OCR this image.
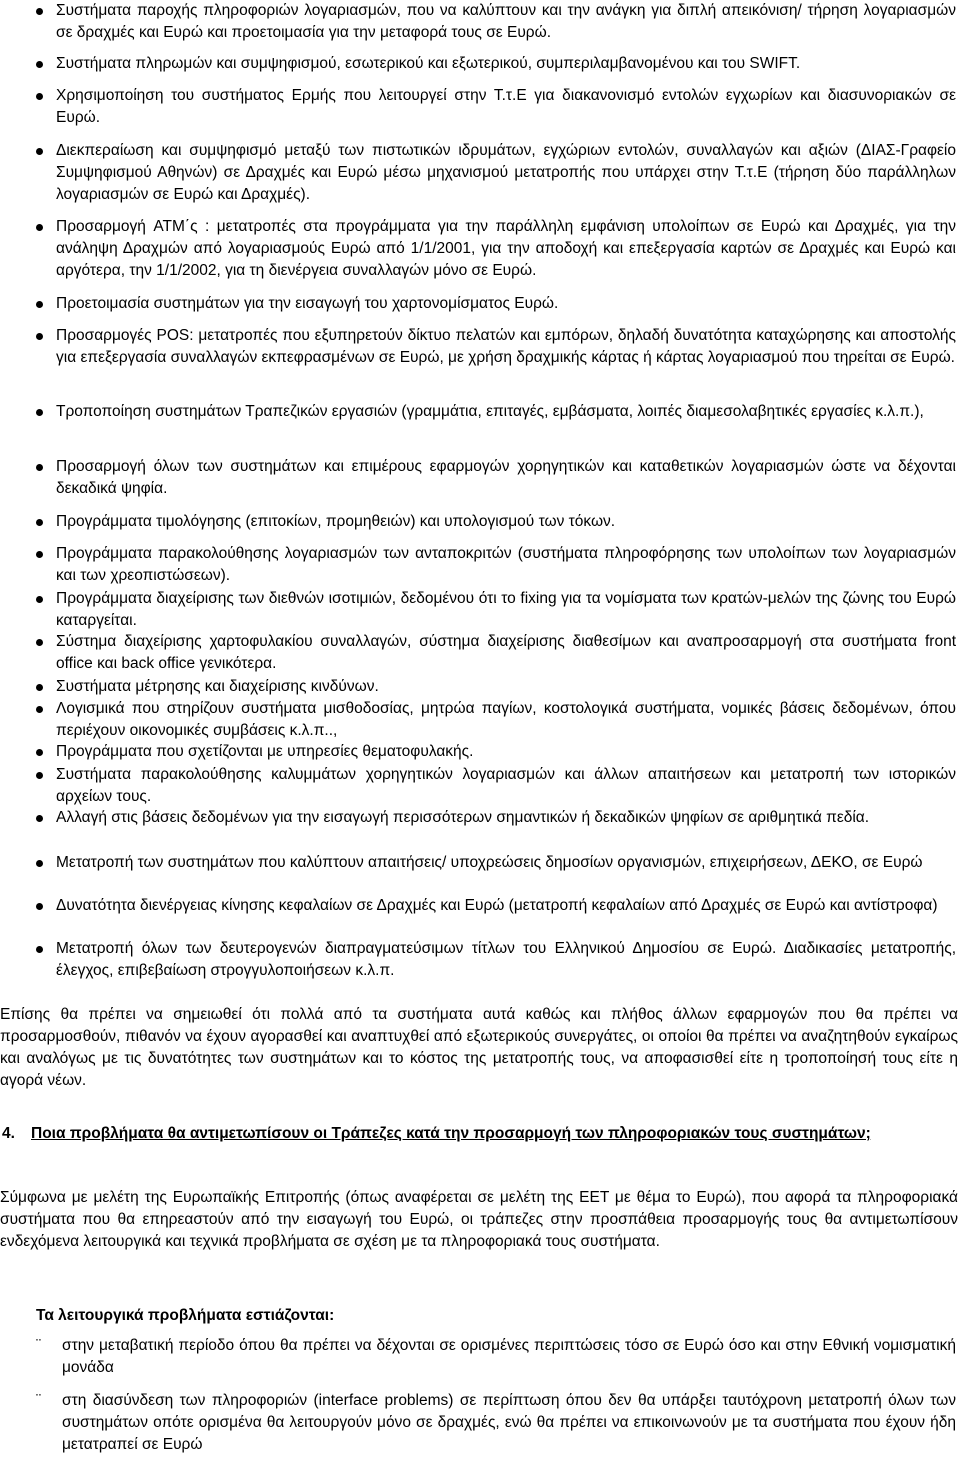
Συστήματα παροχής πληροφοριών λογαριασμών, που να καλύπτουν και την ανάγκη για διπλή απεικόνιση/ τήρηση λογαριασμών σε δραχμές και Ευρώ και προετοιμασία για την μεταφορά τους σε Ευρώ.
Συστήματα πληρωμών και συμψηφισμού, εσωτερικού και εξωτερικού, συμπεριλαμβανομένου και του SWIFT.
Χρησιμοποίηση του συστήματος Ερμής που λειτουργεί στην Τ.τ.Ε για διακανονισμό εντολών εγχωρίων και διασυνοριακών σε Ευρώ.
Διεκπεραίωση και συμψηφισμό μεταξύ των πιστωτικών ιδρυμάτων, εγχώριων εντολών, συναλλαγών και αξιών (ΔΙΑΣ-Γραφείο Συμψηφισμού Αθηνών) σε Δραχμές και Ευρώ μέσω μηχανισμού μετατροπής που υπάρχει στην Τ.τ.Ε (τήρηση δύο παράλληλων λογαριασμών σε Ευρώ και Δραχμές).
Προσαρμογή ATM΄ς : μετατροπές στα προγράμματα για την παράλληλη εμφάνιση υπολοίπων σε Ευρώ και Δραχμές, για την ανάληψη Δραχμών από λογαριασμούς Ευρώ από 1/1/2001, για την αποδοχή και επεξεργασία καρτών σε Δραχμές και Ευρώ και αργότερα, την 1/1/2002, για τη διενέργεια συναλλαγών μόνο σε Ευρώ.
Προετοιμασία συστημάτων για την εισαγωγή του χαρτονομίσματος Ευρώ.
Προσαρμογές POS: μετατροπές που εξυπηρετούν δίκτυο πελατών και εμπόρων, δηλαδή δυνατότητα καταχώρησης και αποστολής για επεξεργασία συναλλαγών εκπεφρασμένων σε Ευρώ, με χρήση δραχμικής κάρτας ή κάρτας λογαριασμού που τηρείται σε Ευρώ.
Τροποποίηση συστημάτων Τραπεζικών εργασιών (γραμμάτια, επιταγές, εμβάσματα, λοιπές διαμεσολαβητικές εργασίες κ.λ.π.),
Προσαρμογή όλων των συστημάτων και επιμέρους εφαρμογών χορηγητικών και καταθετικών λογαριασμών ώστε να δέχονται δεκαδικά ψηφία.
Προγράμματα τιμολόγησης (επιτοκίων, προμηθειών) και υπολογισμού των τόκων.
Προγράμματα παρακολούθησης λογαριασμών των ανταποκριτών (συστήματα πληροφόρησης των υπολοίπων των λογαριασμών και των χρεοπιστώσεων).
Προγράμματα διαχείρισης των διεθνών ισοτιμιών, δεδομένου ότι το fixing για τα νομίσματα των κρατών-μελών της ζώνης του Ευρώ καταργείται.
Σύστημα διαχείρισης χαρτοφυλακίου συναλλαγών, σύστημα διαχείρισης διαθεσίμων και αναπροσαρμογή στα συστήματα front office και back office γενικότερα.
Συστήματα μέτρησης και διαχείρισης κινδύνων.
Λογισμικά που στηρίζουν συστήματα μισθοδοσίας, μητρώα παγίων, κοστολογικά συστήματα, νομικές βάσεις δεδομένων, όπου περιέχουν οικονομικές συμβάσεις κ.λ.π..,
Προγράμματα που σχετίζονται με υπηρεσίες θεματοφυλακής.
Συστήματα παρακολούθησης καλυμμάτων χορηγητικών λογαριασμών και άλλων απαιτήσεων και μετατροπή των ιστορικών αρχείων τους.
Αλλαγή στις βάσεις δεδομένων για την εισαγωγή περισσότερων σημαντικών ή δεκαδικών ψηφίων σε αριθμητικά πεδία.
Μετατροπή των συστημάτων που καλύπτουν απαιτήσεις/ υποχρεώσεις δημοσίων οργανισμών, επιχειρήσεων, ΔΕΚΟ, σε Ευρώ
Δυνατότητα διενέργειας κίνησης κεφαλαίων σε Δραχμές και Ευρώ (μετατροπή κεφαλαίων από Δραχμές σε Ευρώ και αντίστροφα)
Μετατροπή όλων των δευτερογενών διαπραγματεύσιμων τίτλων του Ελληνικού Δημοσίου σε Ευρώ. Διαδικασίες μετατροπής, έλεγχος, επιβεβαίωση στρογγυλοποιήσεων κ.λ.π.

Επίσης θα πρέπει να σημειωθεί ότι πολλά από τα συστήματα αυτά καθώς και πλήθος άλλων εφαρμογών που θα πρέπει να προσαρμοσθούν, πιθανόν να έχουν αγορασθεί και αναπτυχθεί από εξωτερικούς συνεργάτες, οι οποίοι θα πρέπει να αναζητηθούν εγκαίρως και αναλόγως με τις δυνατότητες των συστημάτων και το κόστος της μετατροπής τους, να αποφασισθεί είτε η τροποποίησή τους είτε η αγορά νέων.

4. Ποια προβλήματα θα αντιμετωπίσουν οι Τράπεζες κατά την προσαρμογή των πληροφοριακών τους συστημάτων;

Σύμφωνα με μελέτη της Ευρωπαϊκής Επιτροπής (όπως αναφέρεται σε μελέτη της ΕΕΤ με θέμα το Ευρώ), που αφορά τα πληροφοριακά συστήματα που θα επηρεαστούν από την εισαγωγή του Ευρώ, οι τράπεζες στην προσπάθεια προσαρμογής τους θα αντιμετωπίσουν ενδεχόμενα λειτουργικά και τεχνικά προβλήματα σε σχέση με τα πληροφοριακά τους συστήματα.

Τα λειτουργικά προβλήματα εστιάζονται:

¨ στην μεταβατική περίοδο όπου θα πρέπει να δέχονται σε ορισμένες περιπτώσεις τόσο σε Ευρώ όσο και στην Εθνική νομισματική μονάδα
¨ στη διασύνδεση των πληροφοριών (interface problems) σε περίπτωση όπου δεν θα υπάρξει ταυτόχρονη μετατροπή όλων των συστημάτων οπότε ορισμένα θα λειτουργούν μόνο σε δραχμές, ενώ θα πρέπει να επικοινωνούν με τα συστήματα που έχουν ήδη μετατραπεί σε Ευρώ
